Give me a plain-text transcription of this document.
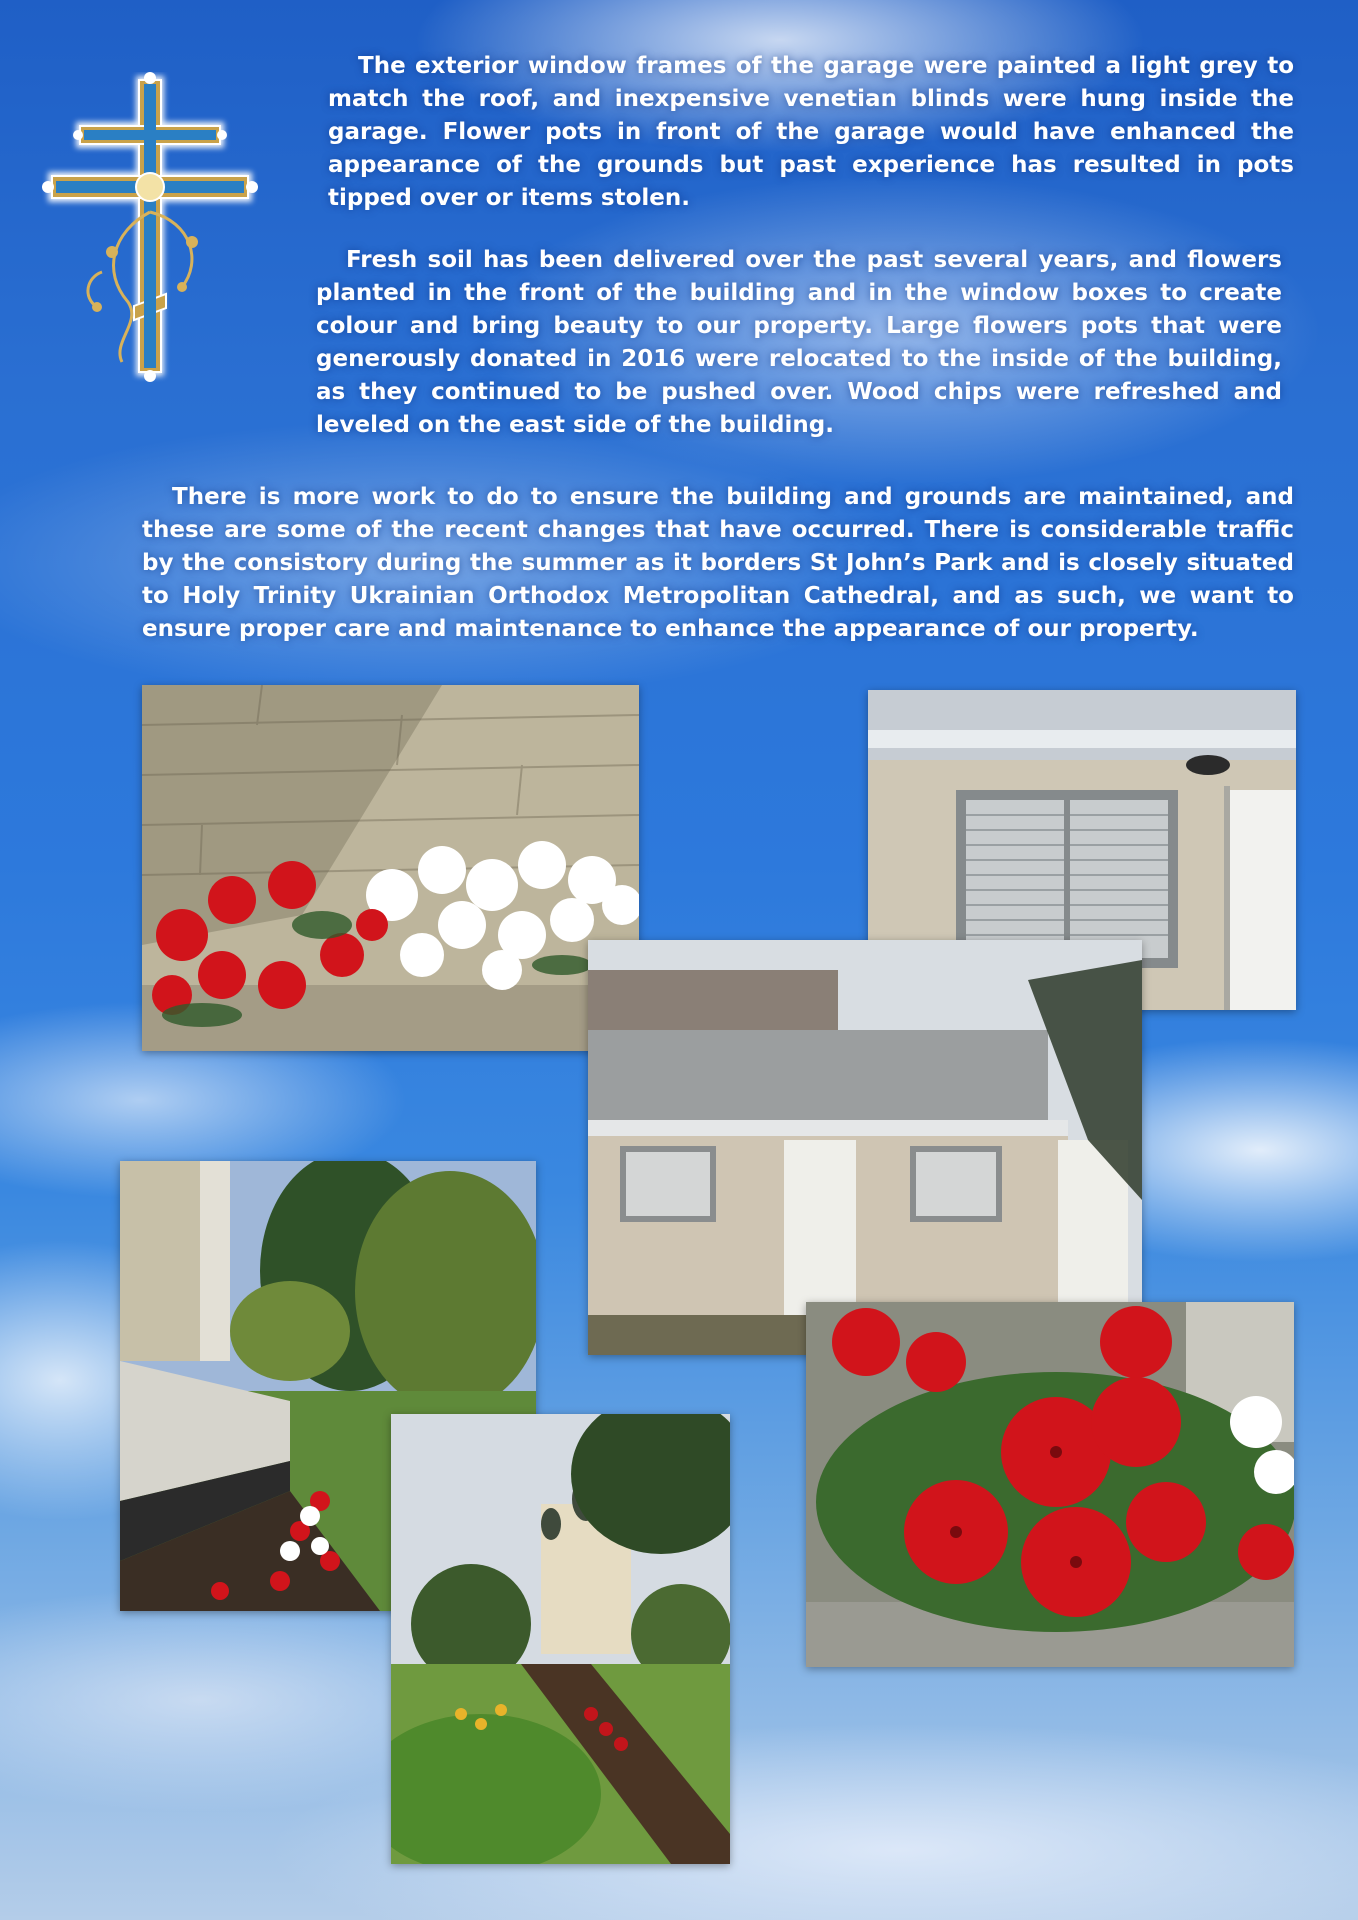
The exterior window frames of the garage were painted a light grey to match the roof, and inexpensive venetian blinds were hung inside the garage. Flower pots in front of the garage would have enhanced the appearance of the grounds but past experience has resulted in pots tipped over or items stolen.

Fresh soil has been delivered over the past several years, and flowers planted in the front of the building and in the window boxes to create colour and bring beauty to our property. Large flowers pots that were generously donated in 2016 were relocated to the inside of the building, as they continued to be pushed over. Wood chips were refreshed and leveled on the east side of the building.

There is more work to do to ensure the building and grounds are maintained, and these are some of the recent changes that have occurred. There is considerable traffic by the consistory during the summer as it borders St John’s Park and is closely situated to Holy Trinity Ukrainian Orthodox Metropolitan Cathedral, and as such, we want to ensure proper care and maintenance to enhance the appearance of our property.
